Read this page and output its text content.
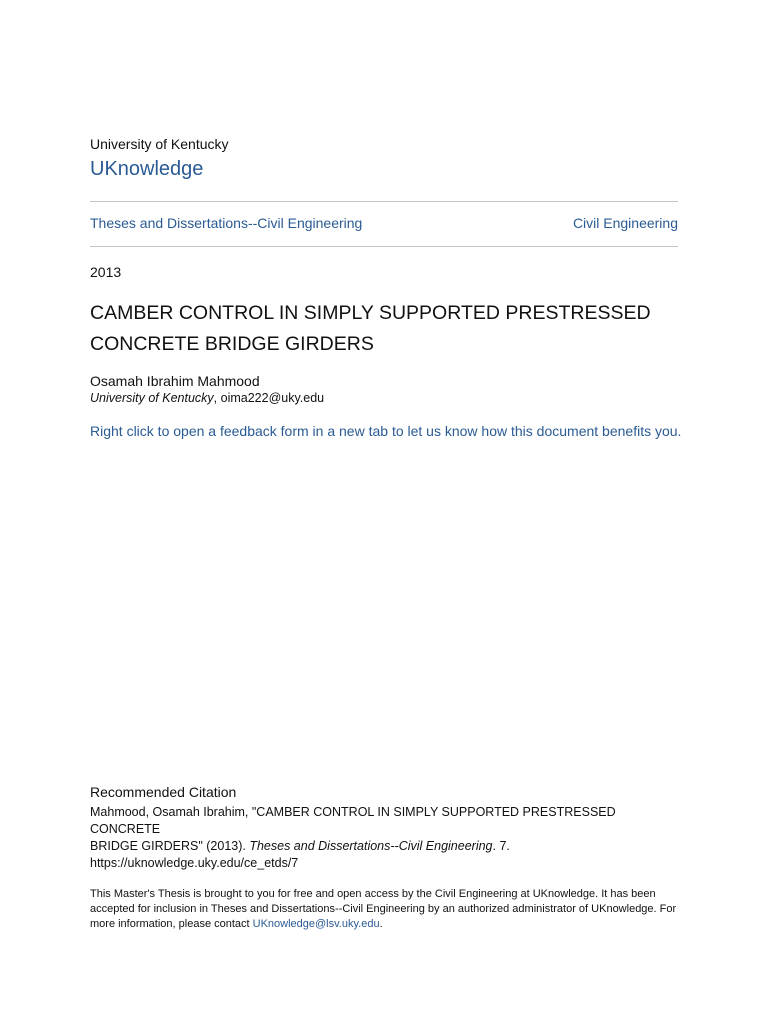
University of Kentucky
UKnowledge
Theses and Dissertations--Civil Engineering	Civil Engineering
2013
CAMBER CONTROL IN SIMPLY SUPPORTED PRESTRESSED
CONCRETE BRIDGE GIRDERS
Osamah Ibrahim Mahmood
University of Kentucky, oima222@uky.edu
Right click to open a feedback form in a new tab to let us know how this document benefits you.
Recommended Citation
Mahmood, Osamah Ibrahim, "CAMBER CONTROL IN SIMPLY SUPPORTED PRESTRESSED CONCRETE
BRIDGE GIRDERS" (2013). Theses and Dissertations--Civil Engineering. 7.
https://uknowledge.uky.edu/ce_etds/7
This Master's Thesis is brought to you for free and open access by the Civil Engineering at UKnowledge. It has been accepted for inclusion in Theses and Dissertations--Civil Engineering by an authorized administrator of UKnowledge. For more information, please contact UKnowledge@lsv.uky.edu.
